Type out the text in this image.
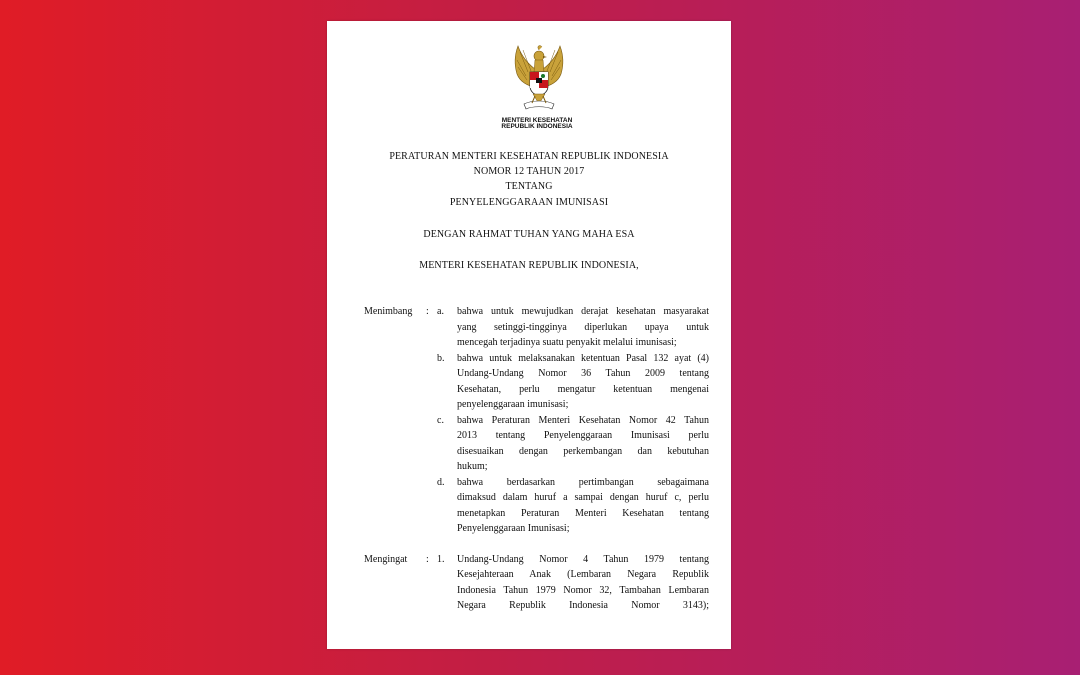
MENTERI KESEHATAN
REPUBLIK INDONESIA
PERATURAN MENTERI KESEHATAN REPUBLIK INDONESIA
NOMOR 12 TAHUN 2017
TENTANG
PENYELENGGARAAN IMUNISASI
DENGAN RAHMAT TUHAN YANG MAHA ESA
MENTERI KESEHATAN REPUBLIK INDONESIA,
Menimbang : a. bahwa untuk mewujudkan derajat kesehatan masyarakat
yang setinggi-tingginya diperlukan upaya untuk
mencegah terjadinya suatu penyakit melalui imunisasi;
b. bahwa untuk melaksanakan ketentuan Pasal 132 ayat (4)
Undang-Undang Nomor 36 Tahun 2009 tentang
Kesehatan, perlu mengatur ketentuan mengenai
penyelenggaraan imunisasi;
c. bahwa Peraturan Menteri Kesehatan Nomor 42 Tahun
2013 tentang Penyelenggaraan Imunisasi perlu
disesuaikan dengan perkembangan dan kebutuhan
hukum;
d. bahwa berdasarkan pertimbangan sebagaimana
dimaksud dalam huruf a sampai dengan huruf c, perlu
menetapkan Peraturan Menteri Kesehatan tentang
Penyelenggaraan Imunisasi;
Mengingat : 1. Undang-Undang Nomor 4 Tahun 1979 tentang
Kesejahteraan Anak (Lembaran Negara Republik
Indonesia Tahun 1979 Nomor 32, Tambahan Lembaran
Negara Republik Indonesia Nomor 3143);
